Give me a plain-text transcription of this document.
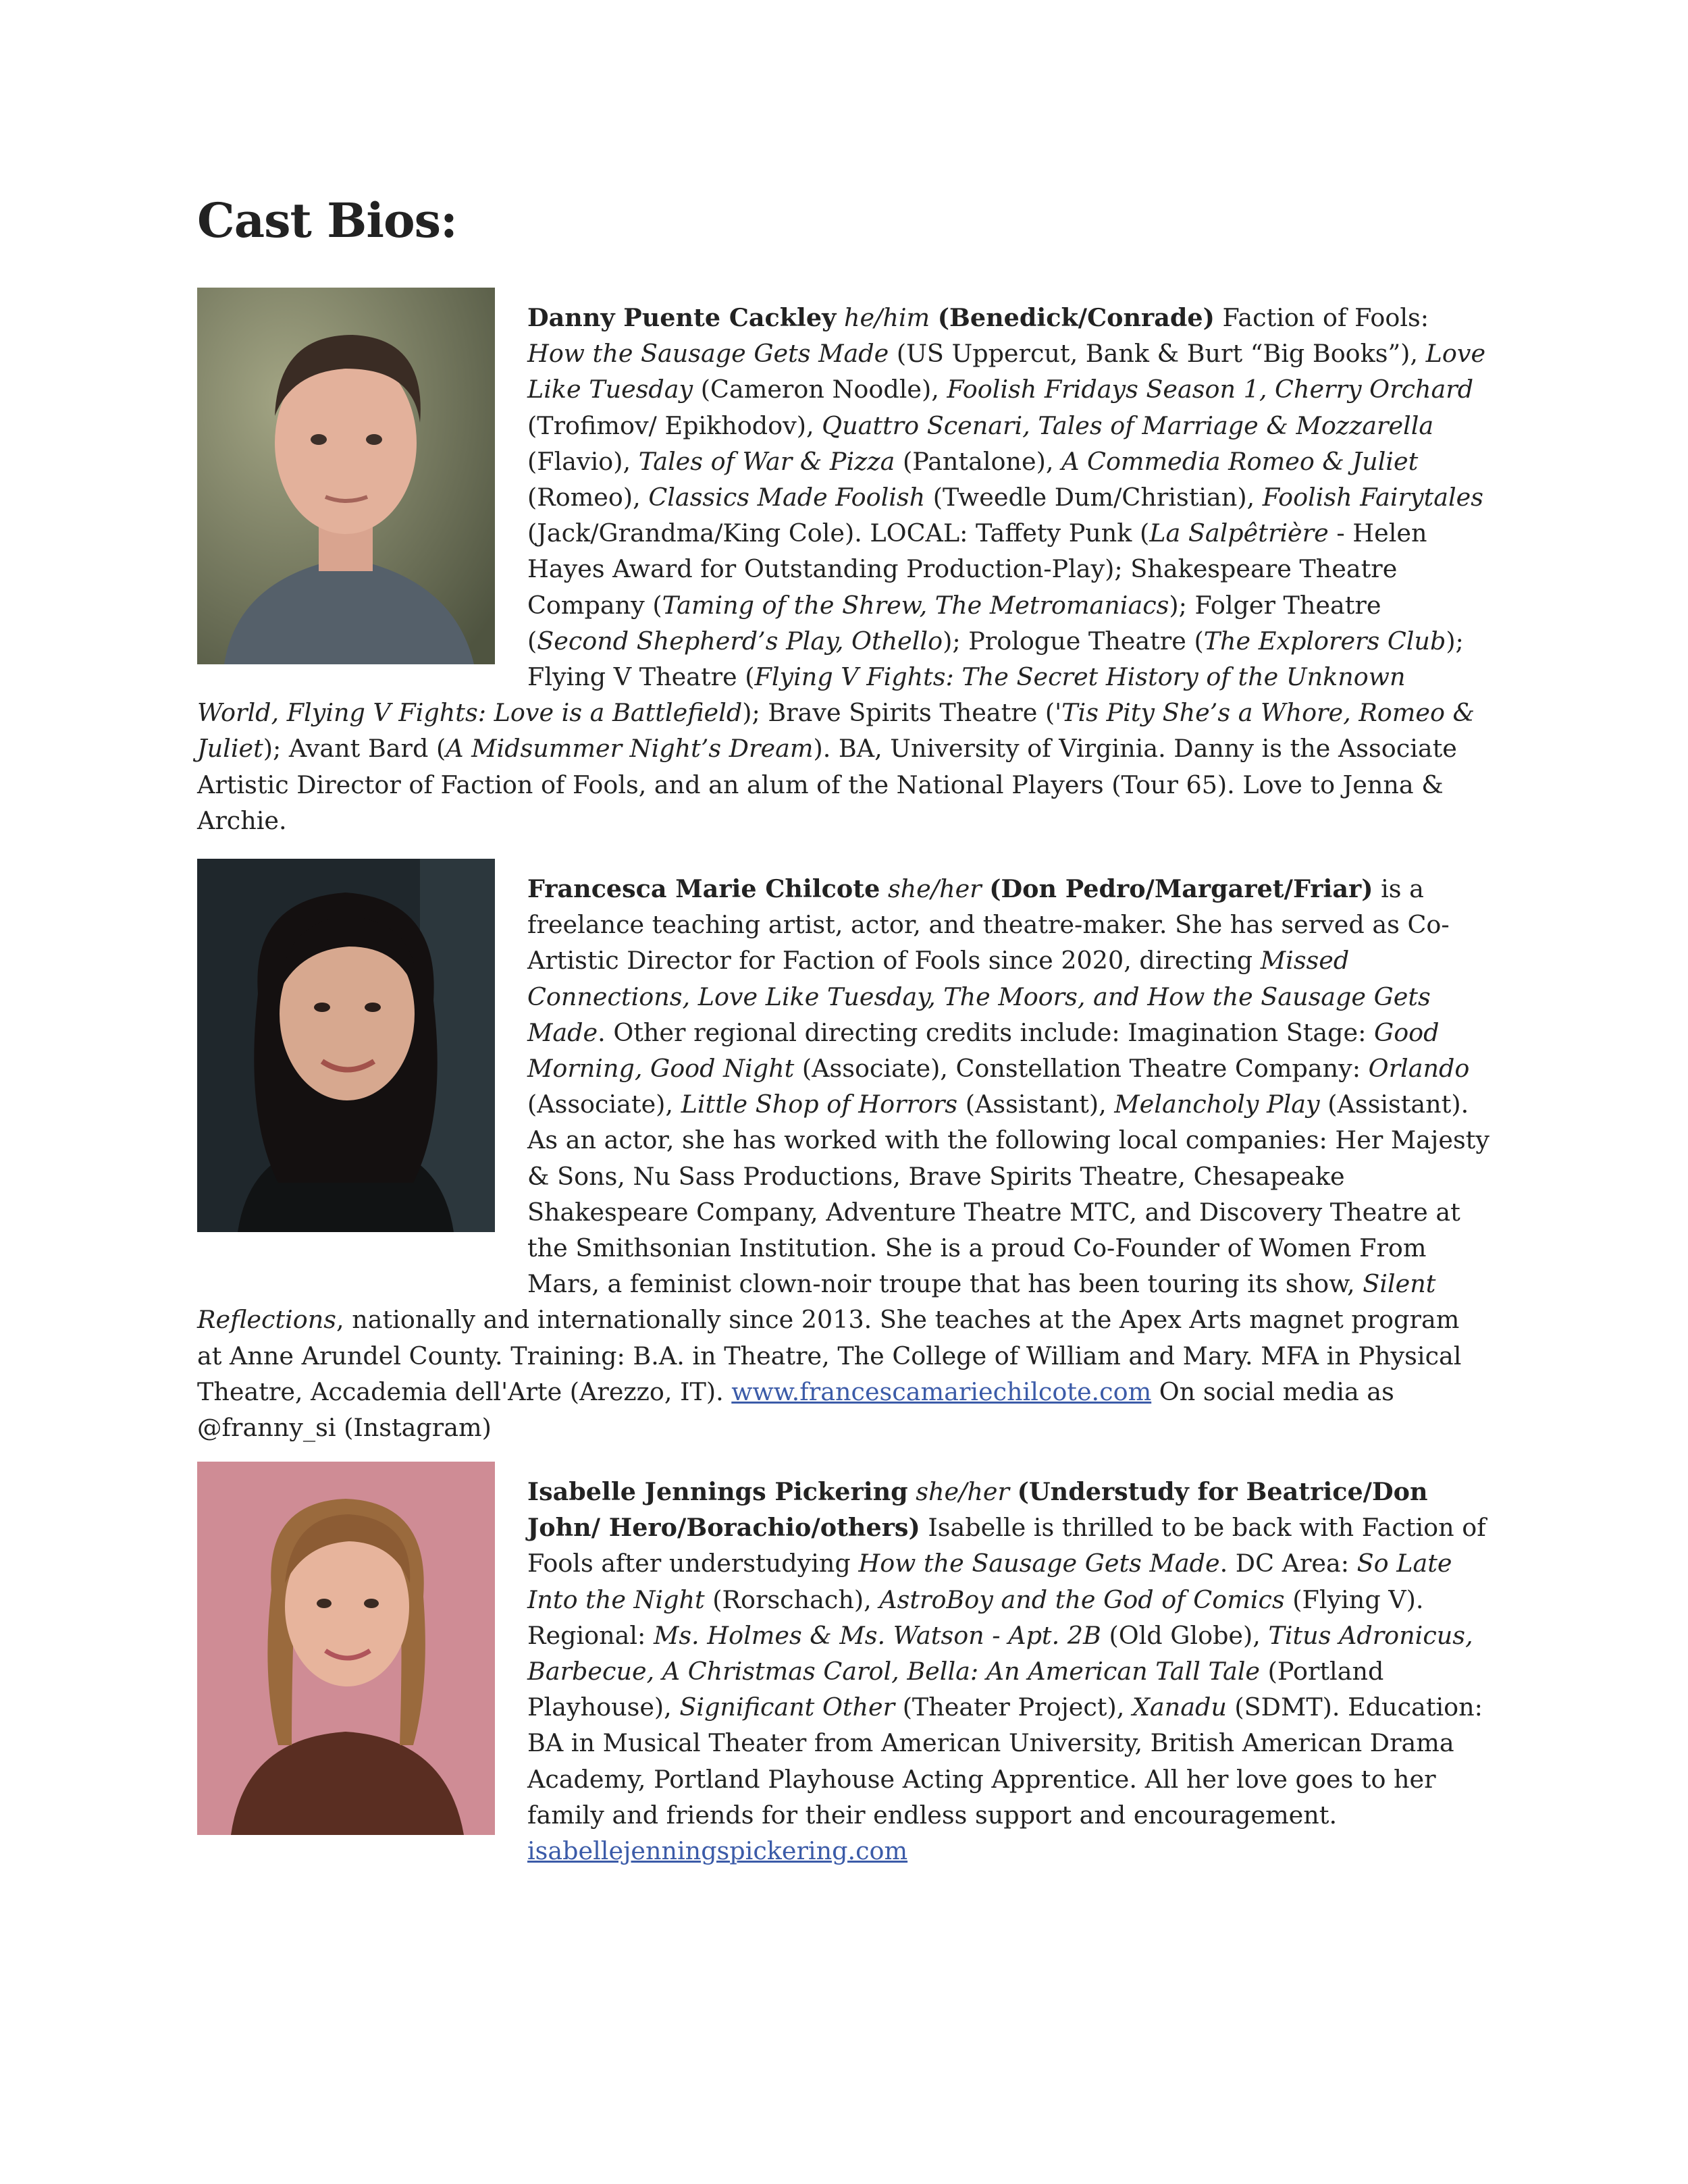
Cast Bios:

Danny Puente Cackley he/him (Benedick/Conrade) Faction of Fools: How the Sausage Gets Made (US Uppercut, Bank & Burt “Big Books”), Love Like Tuesday (Cameron Noodle), Foolish Fridays Season 1, Cherry Orchard (Trofimov/ Epikhodov), Quattro Scenari, Tales of Marriage & Mozzarella (Flavio), Tales of War & Pizza (Pantalone), A Commedia Romeo & Juliet (Romeo), Classics Made Foolish (Tweedle Dum/Christian), Foolish Fairytales (Jack/Grandma/King Cole). LOCAL: Taffety Punk (La Salpêtrière - Helen Hayes Award for Outstanding Production-Play); Shakespeare Theatre Company (Taming of the Shrew, The Metromaniacs); Folger Theatre (Second Shepherd’s Play, Othello); Prologue Theatre (The Explorers Club); Flying V Theatre (Flying V Fights: The Secret History of the Unknown World, Flying V Fights: Love is a Battlefield); Brave Spirits Theatre ('Tis Pity She’s a Whore, Romeo & Juliet); Avant Bard (A Midsummer Night’s Dream). BA, University of Virginia. Danny is the Associate Artistic Director of Faction of Fools, and an alum of the National Players (Tour 65). Love to Jenna & Archie.

Francesca Marie Chilcote she/her (Don Pedro/Margaret/Friar) is a freelance teaching artist, actor, and theatre-maker. She has served as Co-Artistic Director for Faction of Fools since 2020, directing Missed Connections, Love Like Tuesday, The Moors, and How the Sausage Gets Made. Other regional directing credits include: Imagination Stage: Good Morning, Good Night (Associate), Constellation Theatre Company: Orlando (Associate), Little Shop of Horrors (Assistant), Melancholy Play (Assistant). As an actor, she has worked with the following local companies: Her Majesty & Sons, Nu Sass Productions, Brave Spirits Theatre, Chesapeake Shakespeare Company, Adventure Theatre MTC, and Discovery Theatre at the Smithsonian Institution. She is a proud Co-Founder of Women From Mars, a feminist clown-noir troupe that has been touring its show, Silent Reflections, nationally and internationally since 2013. She teaches at the Apex Arts magnet program at Anne Arundel County. Training: B.A. in Theatre, The College of William and Mary. MFA in Physical Theatre, Accademia dell'Arte (Arezzo, IT). www.francescamariechilcote.com On social media as @franny_si (Instagram)

Isabelle Jennings Pickering she/her (Understudy for Beatrice/Don John/ Hero/Borachio/others) Isabelle is thrilled to be back with Faction of Fools after understudying How the Sausage Gets Made. DC Area: So Late Into the Night (Rorschach), AstroBoy and the God of Comics (Flying V). Regional: Ms. Holmes & Ms. Watson - Apt. 2B (Old Globe), Titus Adronicus, Barbecue, A Christmas Carol, Bella: An American Tall Tale (Portland Playhouse), Significant Other (Theater Project), Xanadu (SDMT). Education: BA in Musical Theater from American University, British American Drama Academy, Portland Playhouse Acting Apprentice. All her love goes to her family and friends for their endless support and encouragement. isabellejenningspickering.com
